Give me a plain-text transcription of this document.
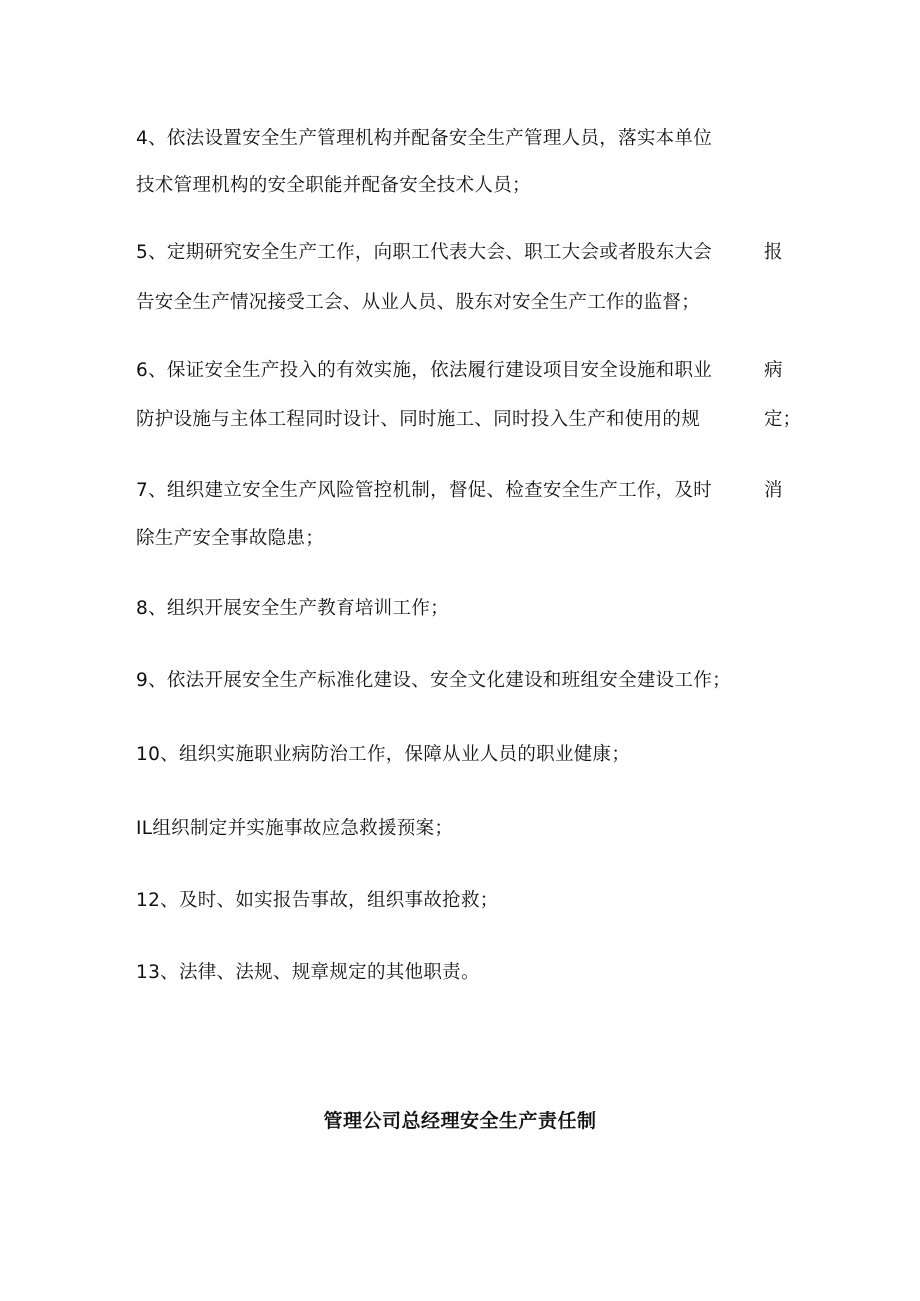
4、依法设置安全生产管理机构并配备安全生产管理人员，落实本单位
技术管理机构的安全职能并配备安全技术人员；
5、定期研究安全生产工作，向职工代表大会、职工大会或者股东大会	报
告安全生产情况接受工会、从业人员、股东对安全生产工作的监督；
6、保证安全生产投入的有效实施，依法履行建设项目安全设施和职业	病
防护设施与主体工程同时设计、同时施工、同时投入生产和使用的规	定；
7、组织建立安全生产风险管控机制，督促、检查安全生产工作，及时	消
除生产安全事故隐患；
8、组织开展安全生产教育培训工作；
9、依法开展安全生产标准化建设、安全文化建设和班组安全建设工作；
10、组织实施职业病防治工作，保障从业人员的职业健康；
IL组织制定并实施事故应急救援预案；
12、及时、如实报告事故，组织事故抢救；
13、法律、法规、规章规定的其他职责。
管理公司总经理安全生产责任制
